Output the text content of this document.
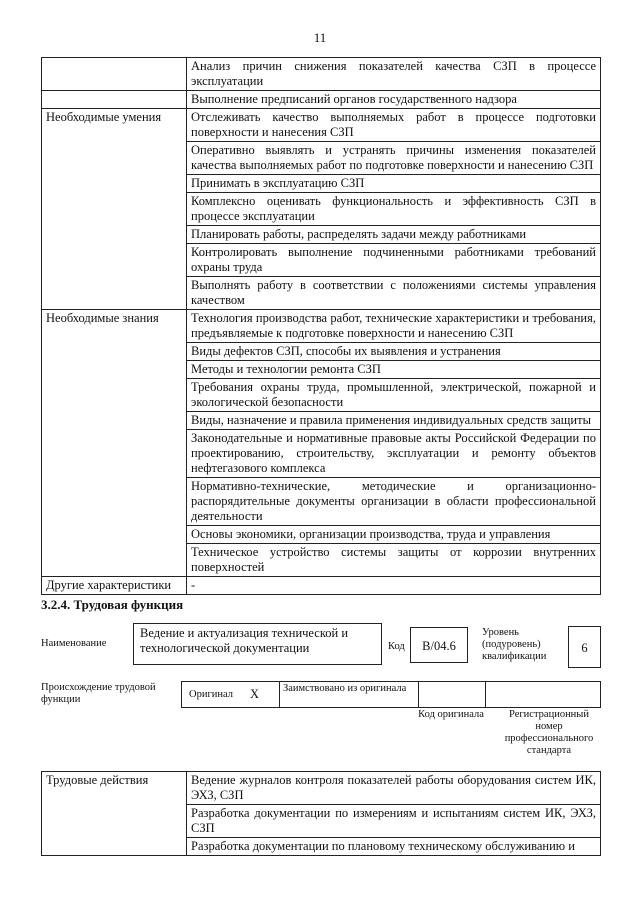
11
	Анализ причин снижения показателей качества СЗП в процессе эксплуатации
	Выполнение предписаний органов государственного надзора
Необходимые умения	Отслеживать качество выполняемых работ в процессе подготовки поверхности и нанесения СЗП
	Оперативно выявлять и устранять причины изменения показателей качества выполняемых работ по подготовке поверхности и нанесению СЗП
	Принимать в эксплуатацию СЗП
	Комплексно оценивать функциональность и эффективность СЗП в процессе эксплуатации
	Планировать работы, распределять задачи между работниками
	Контролировать выполнение подчиненными работниками требований охраны труда
	Выполнять работу в соответствии с положениями системы управления качеством
Необходимые знания	Технология производства работ, технические характеристики и требования, предъявляемые к подготовке поверхности и нанесению СЗП
	Виды дефектов СЗП, способы их выявления и устранения
	Методы и технологии ремонта СЗП
	Требования охраны труда, промышленной, электрической, пожарной и экологической безопасности
	Виды, назначение и правила применения индивидуальных средств защиты
	Законодательные и нормативные правовые акты Российской Федерации по проектированию, строительству, эксплуатации и ремонту объектов нефтегазового комплекса
	Нормативно-технические, методические и организационно-распорядительные документы организации в области профессиональной деятельности
	Основы экономики, организации производства, труда и управления
	Техническое устройство системы защиты от коррозии внутренних поверхностей
Другие характеристики	-
3.2.4. Трудовая функция
Наименование
Ведение и актуализация технической и технологической документации	Код	B/04.6
Уровень (подуровень) квалификации
6
Происхождение трудовой функции	Оригинал X Заимствовано из оригинала
Код оригинала	Регистрационный номер профессионального стандарта
Трудовые действия	Ведение журналов контроля показателей работы оборудования систем ИК, ЭХЗ, СЗП
Разработка документации по измерениям и испытаниям систем ИК, ЭХЗ, СЗП
Разработка документации по плановому техническому обслуживанию и
